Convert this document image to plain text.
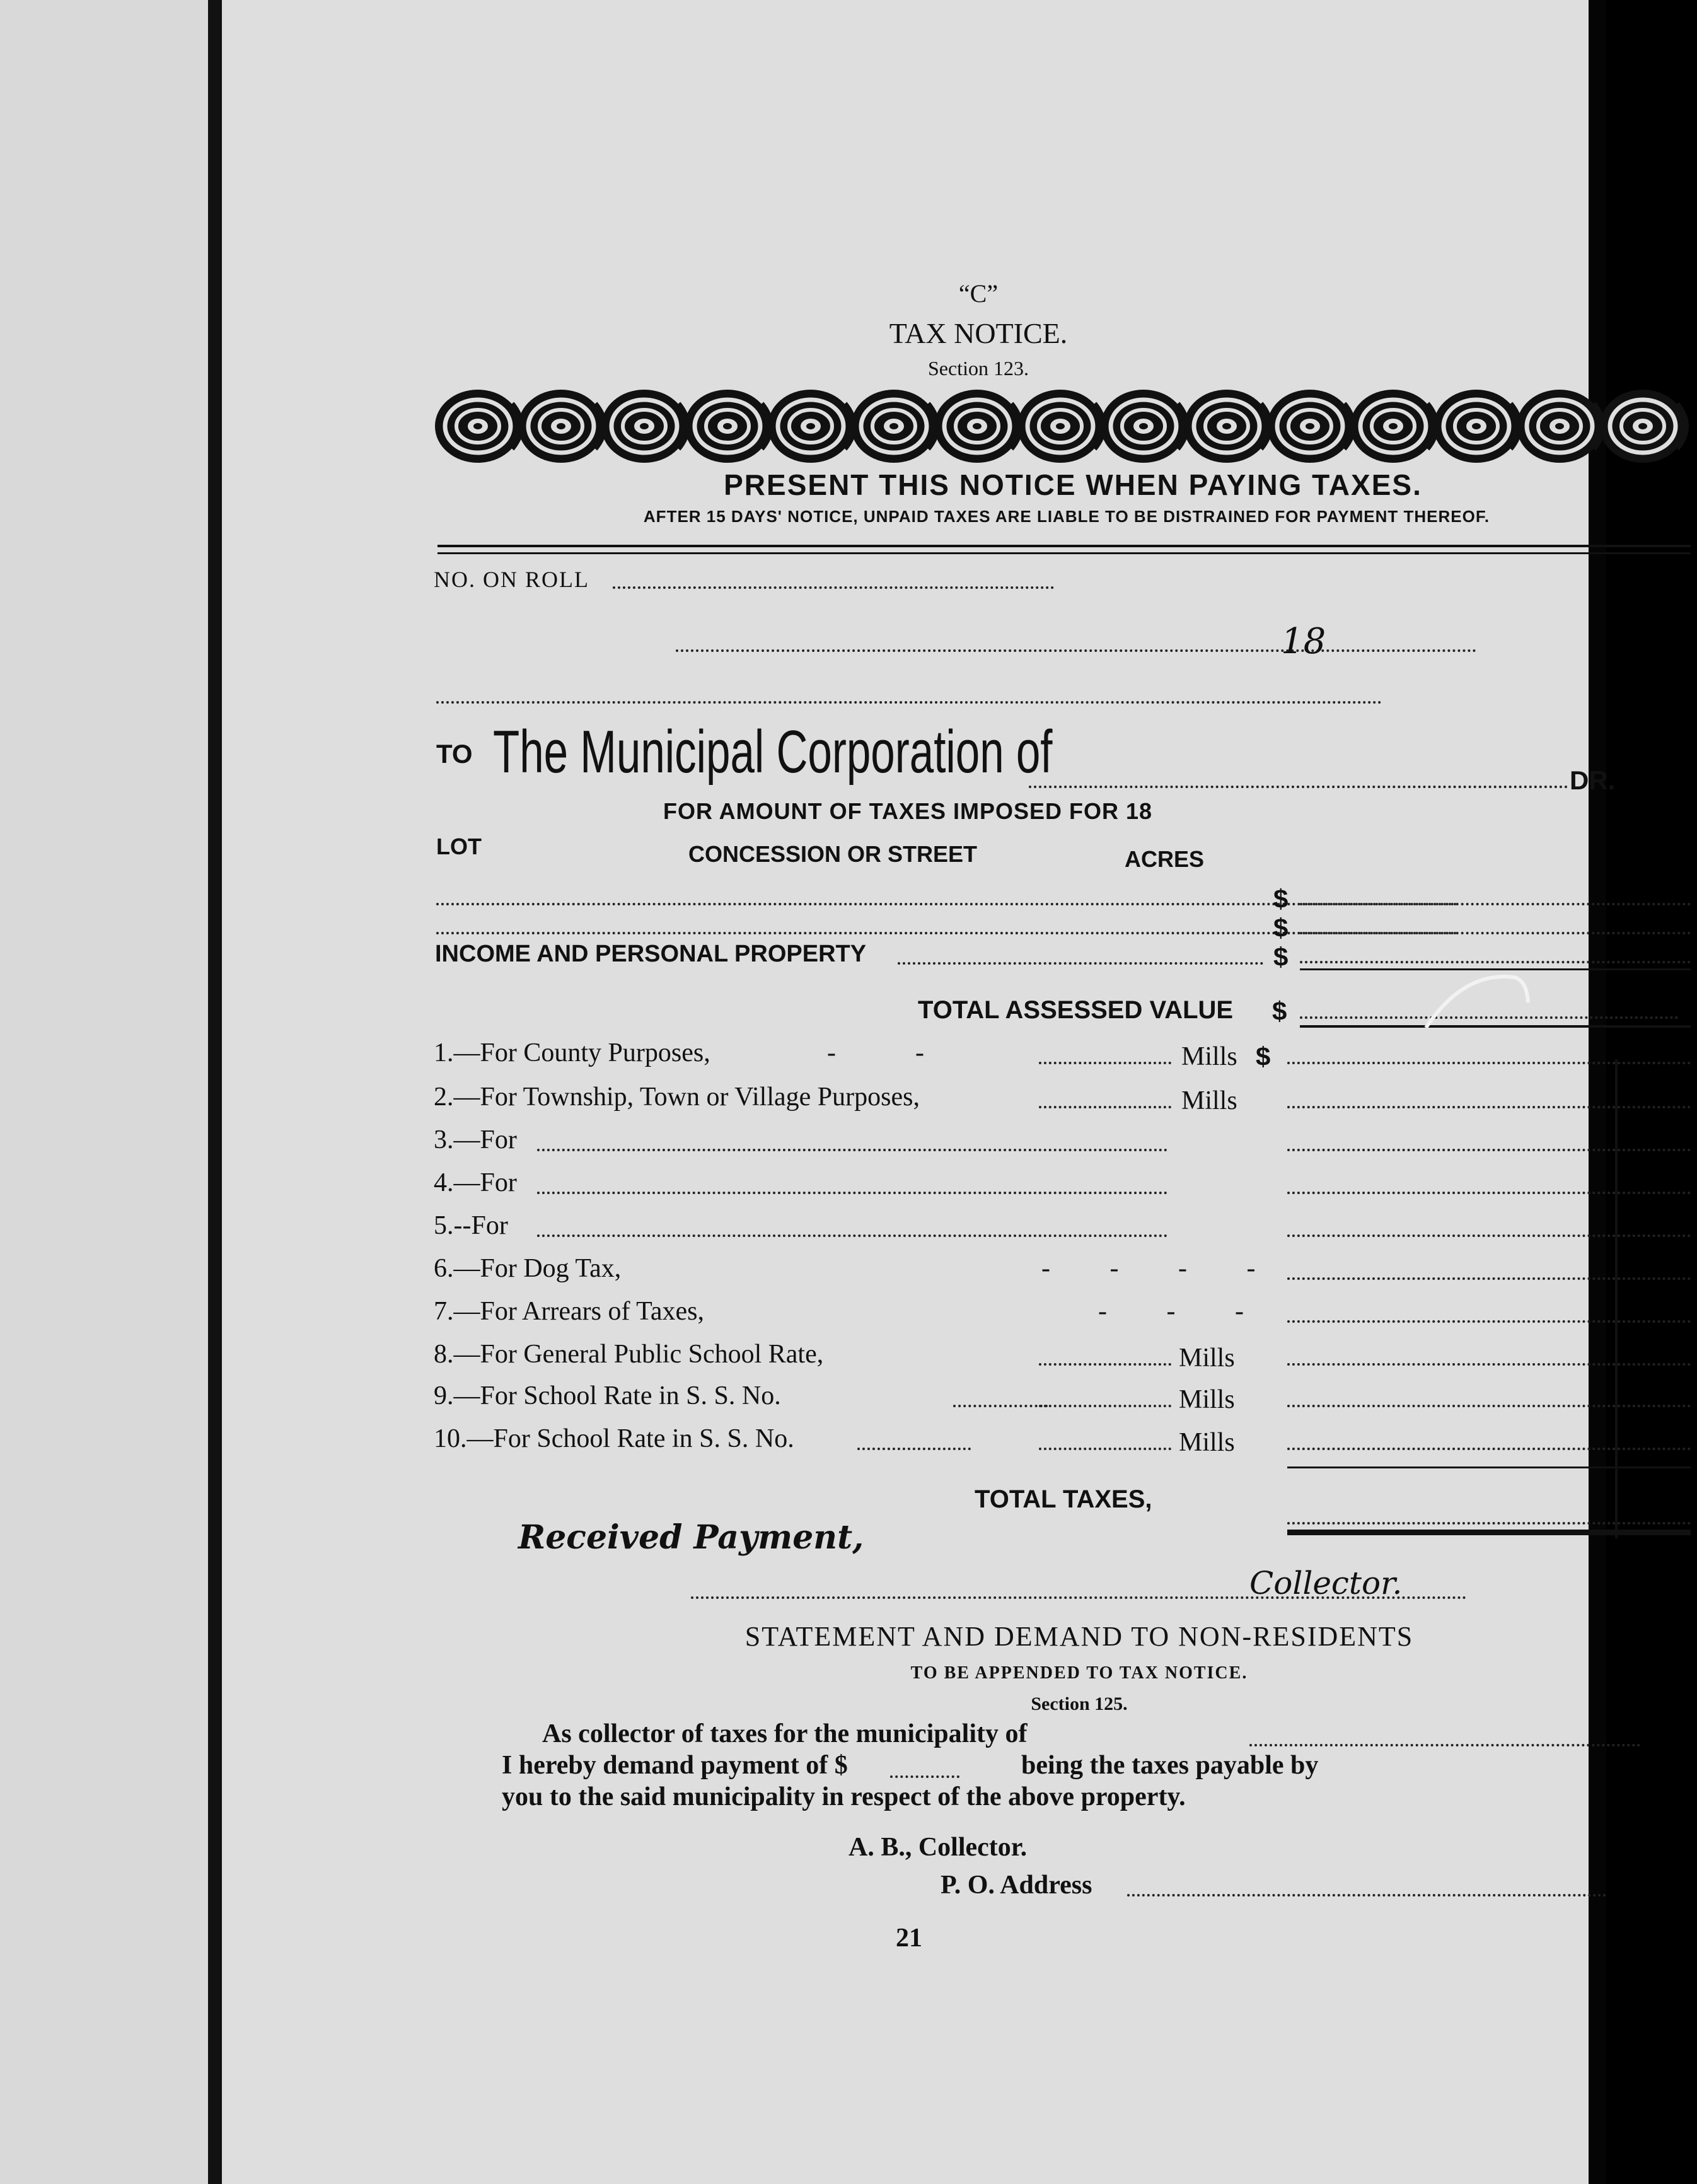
“C”
TAX NOTICE.
Section 123.
PRESENT THIS NOTICE WHEN PAYING TAXES.
AFTER 15 DAYS' NOTICE, UNPAID TAXES ARE LIABLE TO BE DISTRAINED FOR PAYMENT THEREOF.
NO. ON ROLL
18
TO The Municipal Corporation of	DR.
FOR AMOUNT OF TAXES IMPOSED FOR 18
LOT	CONCESSION OR STREET	ACRES
$
$
INCOME AND PERSONAL PROPERTY	$
TOTAL ASSESSED VALUE $
1.—For County Purposes,	-            -	Mills $
2.—For Township, Town or Village Purposes,	Mills
3.—For
4.—For
5.--For
6.—For Dog Tax,	-         -         -         -
7.—For Arrears of Taxes,	-         -         -
8.—For General Public School Rate,	Mills
9.—For School Rate in S. S. No.	Mills
10.—For School Rate in S. S. No.	Mills
TOTAL TAXES,
Received Payment,
Collector.
STATEMENT AND DEMAND TO NON-RESIDENTS
TO BE APPENDED TO TAX NOTICE.
Section 125.
As collector of taxes for the municipality of
I hereby demand payment of $	being the taxes payable by
you to the said municipality in respect of the above property.
A. B., Collector.
P. O. Address
21
